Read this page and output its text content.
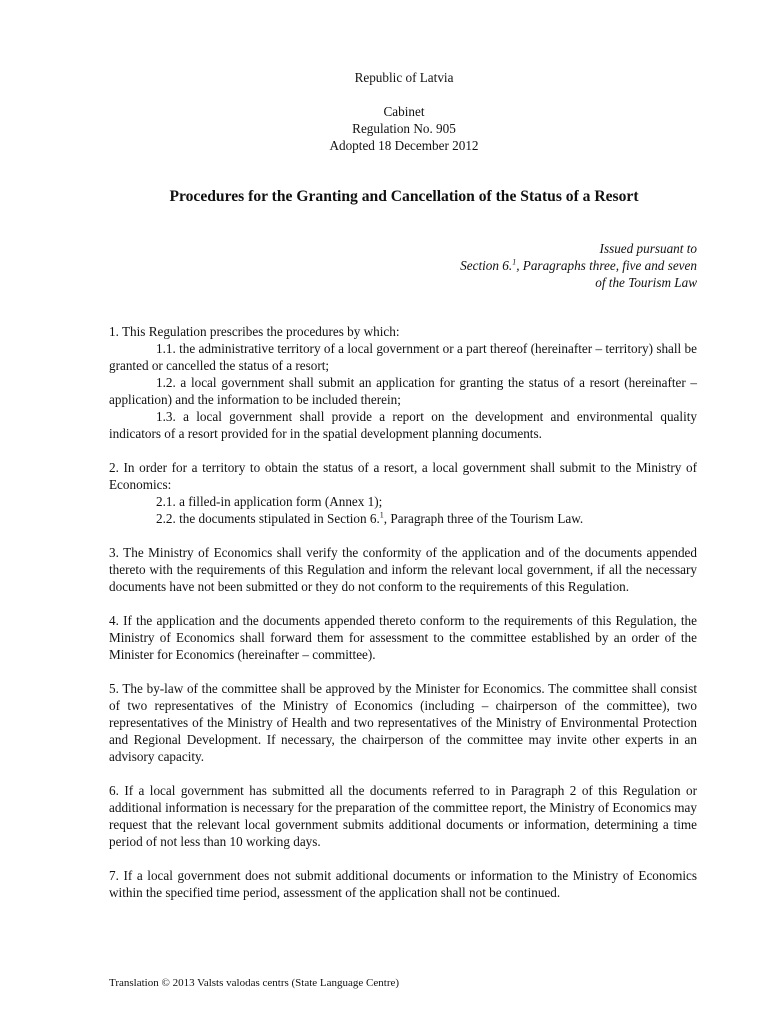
Republic of Latvia
Cabinet
Regulation No. 905
Adopted 18 December 2012
Procedures for the Granting and Cancellation of the Status of a Resort
Issued pursuant to
Section 6.$^1$, Paragraphs three, five and seven
of the Tourism Law
1. This Regulation prescribes the procedures by which:
1.1. the administrative territory of a local government or a part thereof (hereinafter – territory) shall be granted or cancelled the status of a resort;
1.2. a local government shall submit an application for granting the status of a resort (hereinafter – application) and the information to be included therein;
1.3. a local government shall provide a report on the development and environmental quality indicators of a resort provided for in the spatial development planning documents.
2. In order for a territory to obtain the status of a resort, a local government shall submit to the Ministry of Economics:
2.1. a filled-in application form (Annex 1);
2.2. the documents stipulated in Section 6.$^1$, Paragraph three of the Tourism Law.
3. The Ministry of Economics shall verify the conformity of the application and of the documents appended thereto with the requirements of this Regulation and inform the relevant local government, if all the necessary documents have not been submitted or they do not conform to the requirements of this Regulation.
4. If the application and the documents appended thereto conform to the requirements of this Regulation, the Ministry of Economics shall forward them for assessment to the committee established by an order of the Minister for Economics (hereinafter – committee).
5. The by-law of the committee shall be approved by the Minister for Economics. The committee shall consist of two representatives of the Ministry of Economics (including – chairperson of the committee), two representatives of the Ministry of Health and two representatives of the Ministry of Environmental Protection and Regional Development. If necessary, the chairperson of the committee may invite other experts in an advisory capacity.
6. If a local government has submitted all the documents referred to in Paragraph 2 of this Regulation or additional information is necessary for the preparation of the committee report, the Ministry of Economics may request that the relevant local government submits additional documents or information, determining a time period of not less than 10 working days.
7. If a local government does not submit additional documents or information to the Ministry of Economics within the specified time period, assessment of the application shall not be continued.
Translation © 2013 Valsts valodas centrs (State Language Centre)
